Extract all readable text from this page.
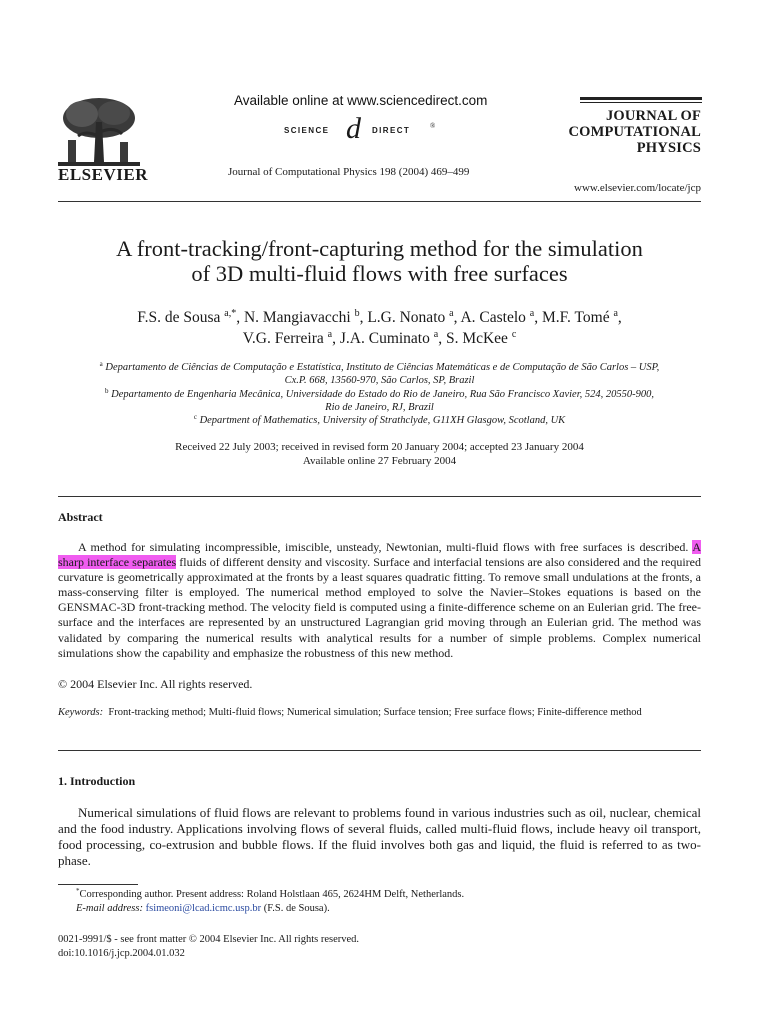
ELSEVIER
Available online at www.sciencedirect.com
SCIENCE d DIRECT	®
Journal of Computational Physics 198 (2004) 469–499
JOURNAL OF
COMPUTATIONAL
PHYSICS
www.elsevier.com/locate/jcp
A front-tracking/front-capturing method for the simulation
of 3D multi-fluid flows with free surfaces
F.S. de Sousa $^{a,*}$, N. Mangiavacchi $^b$, L.G. Nonato $^a$, A. Castelo $^a$, M.F. Tomé $^a$,
V.G. Ferreira $^a$, J.A. Cuminato $^a$, S. McKee $^c$
$^a$ Departamento de Ciências de Computação e Estatística, Instituto de Ciências Matemáticas e de Computação de São Carlos – USP,
Cx.P. 668, 13560-970, São Carlos, SP, Brazil
$^b$ Departamento de Engenharia Mecânica, Universidade do Estado do Rio de Janeiro, Rua São Francisco Xavier, 524, 20550-900,
Rio de Janeiro, RJ, Brazil
$^c$ Department of Mathematics, University of Strathclyde, G11XH Glasgow, Scotland, UK
Received 22 July 2003; received in revised form 20 January 2004; accepted 23 January 2004
Available online 27 February 2004
Abstract

A method for simulating incompressible, imiscible, unsteady, Newtonian, multi-fluid flows with free surfaces is described. A sharp interface separates fluids of different density and viscosity. Surface and interfacial tensions are also considered and the required curvature is geometrically approximated at the fronts by a least squares quadratic fitting. To remove small undulations at the fronts, a mass-conserving filter is employed. The numerical method employed to solve the Navier–Stokes equations is based on the GENSMAC-3D front-tracking method. The velocity field is computed using a finite-difference scheme on an Eulerian grid. The free-surface and the interfaces are represented by an unstructured Lagrangian grid moving through an Eulerian grid. The method was validated by comparing the numerical results with analytical results for a number of simple problems. Complex numerical simulations show the capability and emphasize the robustness of this new method.

© 2004 Elsevier Inc. All rights reserved.
Keywords: Front-tracking method; Multi-fluid flows; Numerical simulation; Surface tension; Free surface flows; Finite-difference method
1. Introduction

Numerical simulations of fluid flows are relevant to problems found in various industries such as oil, nuclear, chemical and the food industry. Applications involving flows of several fluids, called multi-fluid flows, include heavy oil transport, food processing, co-extrusion and bubble flows. If the fluid involves both gas and liquid, the fluid is referred to as two-phase.

*Corresponding author. Present address: Roland Holstlaan 465, 2624HM Delft, Netherlands.
E-mail address: fsimeoni@lcad.icmc.usp.br (F.S. de Sousa).
0021-9991/$ - see front matter © 2004 Elsevier Inc. All rights reserved.
doi:10.1016/j.jcp.2004.01.032
